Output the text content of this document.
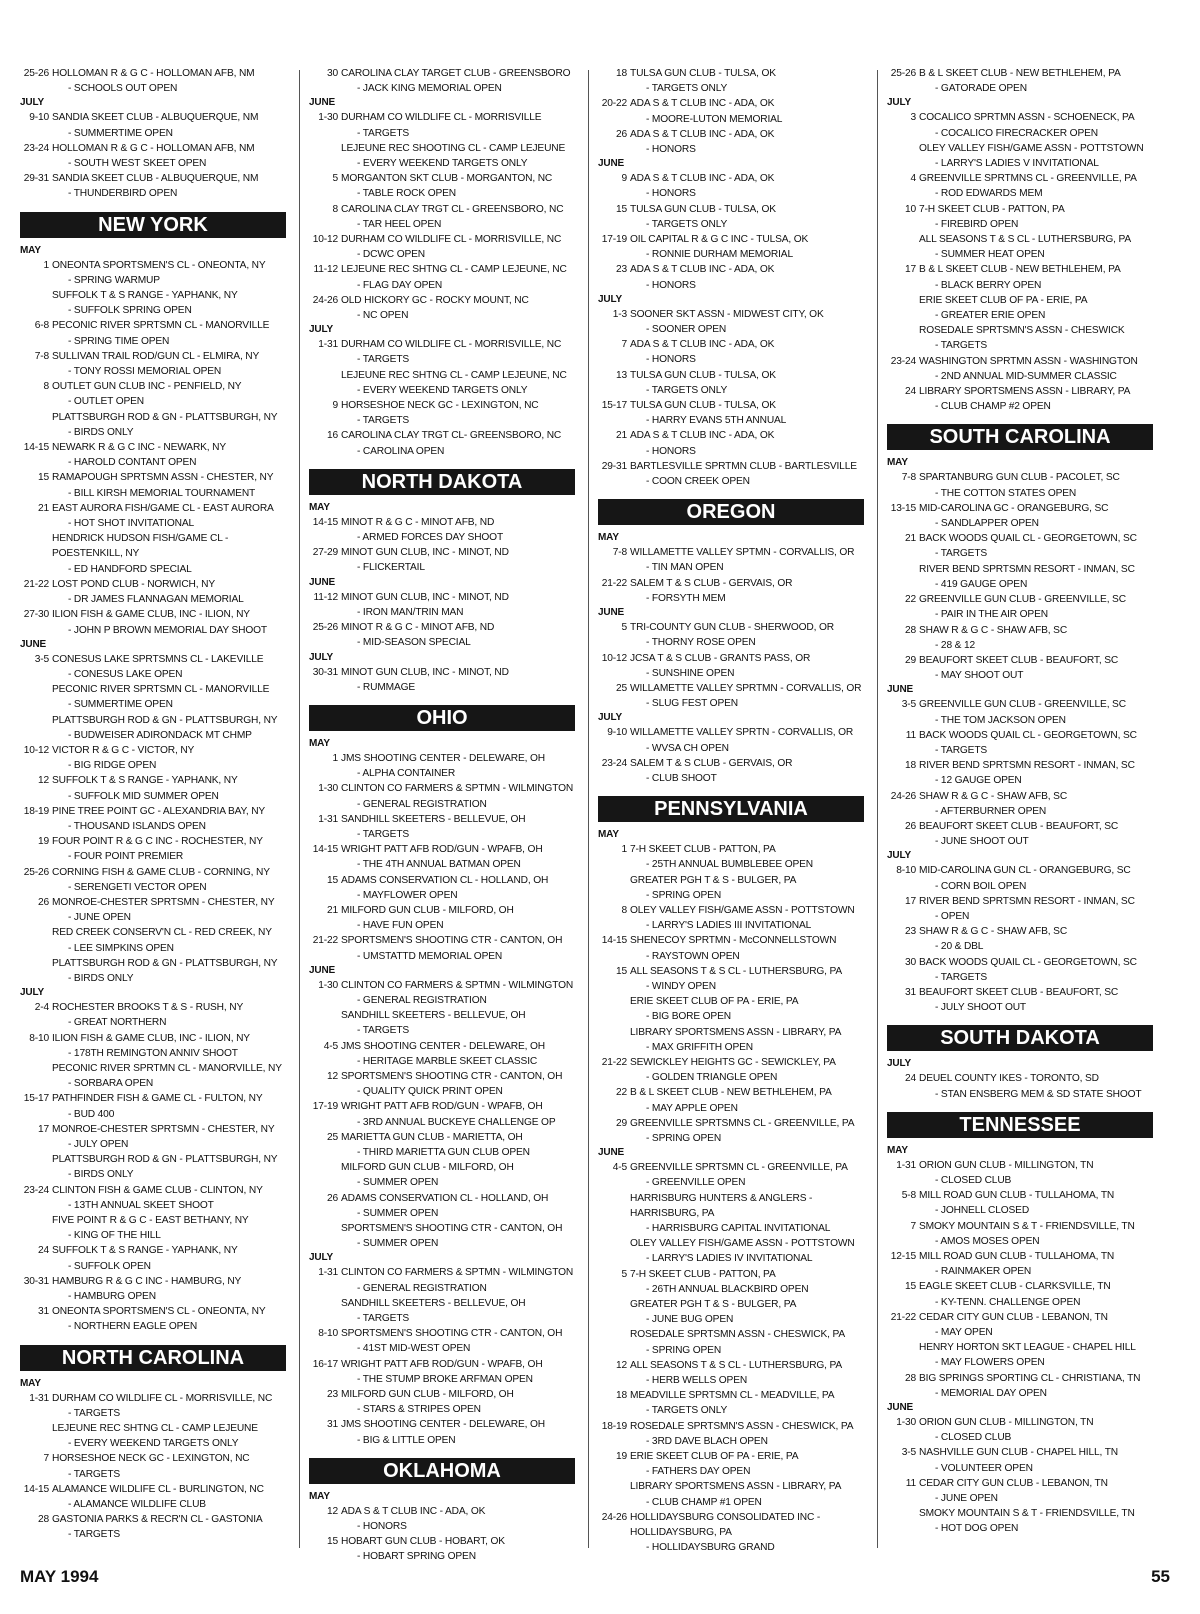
25-26 HOLLOMAN R & G C - HOLLOMAN AFB, NM
- SCHOOLS OUT OPEN
JULY
9-10 SANDIA SKEET CLUB - ALBUQUERQUE, NM
- SUMMERTIME OPEN
23-24 HOLLOMAN R & G C - HOLLOMAN AFB, NM
- SOUTH WEST SKEET OPEN
29-31 SANDIA SKEET CLUB - ALBUQUERQUE, NM
- THUNDERBIRD OPEN
NEW YORK
MAY
1 ONEONTA SPORTSMEN'S CL - ONEONTA, NY
- SPRING WARMUP
SUFFOLK T & S RANGE - YAPHANK, NY
- SUFFOLK SPRING OPEN
6-8 PECONIC RIVER SPRTSMN CL - MANORVILLE
- SPRING TIME OPEN
7-8 SULLIVAN TRAIL ROD/GUN CL - ELMIRA, NY
- TONY ROSSI MEMORIAL OPEN
8 OUTLET GUN CLUB INC - PENFIELD, NY
- OUTLET OPEN
PLATTSBURGH ROD & GN - PLATTSBURGH, NY
- BIRDS ONLY
14-15 NEWARK R & G C INC - NEWARK, NY
- HAROLD CONTANT OPEN
15 RAMAPOUGH SPRTSMN ASSN - CHESTER, NY
- BILL KIRSH MEMORIAL TOURNAMENT
21 EAST AURORA FISH/GAME CL - EAST AURORA
- HOT SHOT INVITATIONAL
HENDRICK HUDSON FISH/GAME CL -
POESTENKILL, NY
- ED HANDFORD SPECIAL
21-22 LOST POND CLUB - NORWICH, NY
- DR JAMES FLANNAGAN MEMORIAL
27-30 ILION FISH & GAME CLUB, INC - ILION, NY
- JOHN P BROWN MEMORIAL DAY SHOOT
JUNE
3-5 CONESUS LAKE SPRTSMNS CL - LAKEVILLE
- CONESUS LAKE OPEN
PECONIC RIVER SPRTSMN CL - MANORVILLE
- SUMMERTIME OPEN
PLATTSBURGH ROD & GN - PLATTSBURGH, NY
- BUDWEISER ADIRONDACK MT CHMP
10-12 VICTOR R & G C - VICTOR, NY
- BIG RIDGE OPEN
12 SUFFOLK T & S RANGE - YAPHANK, NY
- SUFFOLK MID SUMMER OPEN
18-19 PINE TREE POINT GC - ALEXANDRIA BAY, NY
- THOUSAND ISLANDS OPEN
19 FOUR POINT R & G C INC - ROCHESTER, NY
- FOUR POINT PREMIER
25-26 CORNING FISH & GAME CLUB - CORNING, NY
- SERENGETI VECTOR OPEN
26 MONROE-CHESTER SPRTSMN - CHESTER, NY
- JUNE OPEN
RED CREEK CONSERV'N CL - RED CREEK, NY
- LEE SIMPKINS OPEN
PLATTSBURGH ROD & GN - PLATTSBURGH, NY
- BIRDS ONLY
JULY
2-4 ROCHESTER BROOKS T & S - RUSH, NY
- GREAT NORTHERN
8-10 ILION FISH & GAME CLUB, INC - ILION, NY
- 178TH REMINGTON ANNIV SHOOT
PECONIC RIVER SPRTMN CL - MANORVILLE, NY
- SORBARA OPEN
15-17 PATHFINDER FISH & GAME CL - FULTON, NY
- BUD 400
17 MONROE-CHESTER SPRTSMN - CHESTER, NY
- JULY OPEN
PLATTSBURGH ROD & GN - PLATTSBURGH, NY
- BIRDS ONLY
23-24 CLINTON FISH & GAME CLUB - CLINTON, NY
- 13TH ANNUAL SKEET SHOOT
FIVE POINT R & G C - EAST BETHANY, NY
- KING OF THE HILL
24 SUFFOLK T & S RANGE - YAPHANK, NY
- SUFFOLK OPEN
30-31 HAMBURG R & G C INC - HAMBURG, NY
- HAMBURG OPEN
31 ONEONTA SPORTSMEN'S CL - ONEONTA, NY
- NORTHERN EAGLE OPEN
NORTH CAROLINA
MAY
1-31 DURHAM CO WILDLIFE CL - MORRISVILLE, NC
- TARGETS
LEJEUNE REC SHTNG CL - CAMP LEJEUNE
- EVERY WEEKEND TARGETS ONLY
7 HORSESHOE NECK GC - LEXINGTON, NC
- TARGETS
14-15 ALAMANCE WILDLIFE CL - BURLINGTON, NC
- ALAMANCE WILDLIFE CLUB
28 GASTONIA PARKS & RECR'N CL - GASTONIA
- TARGETS
30 CAROLINA CLAY TARGET CLUB - GREENSBORO
- JACK KING MEMORIAL OPEN
JUNE
1-30 DURHAM CO WILDLIFE CL - MORRISVILLE
- TARGETS
LEJEUNE REC SHOOTING CL - CAMP LEJEUNE
- EVERY WEEKEND TARGETS ONLY
5 MORGANTON SKT CLUB - MORGANTON, NC
- TABLE ROCK OPEN
8 CAROLINA CLAY TRGT CL - GREENSBORO, NC
- TAR HEEL OPEN
10-12 DURHAM CO WILDLIFE CL - MORRISVILLE, NC
- DCWC OPEN
11-12 LEJEUNE REC SHTNG CL - CAMP LEJEUNE, NC
- FLAG DAY OPEN
24-26 OLD HICKORY GC - ROCKY MOUNT, NC
- NC OPEN
JULY
1-31 DURHAM CO WILDLIFE CL - MORRISVILLE, NC
- TARGETS
LEJEUNE REC SHTNG CL - CAMP LEJEUNE, NC
- EVERY WEEKEND TARGETS ONLY
9 HORSESHOE NECK GC - LEXINGTON, NC
- TARGETS
16 CAROLINA CLAY TRGT CL- GREENSBORO, NC
- CAROLINA OPEN
NORTH DAKOTA
MAY
14-15 MINOT R & G C - MINOT AFB, ND
- ARMED FORCES DAY SHOOT
27-29 MINOT GUN CLUB, INC - MINOT, ND
- FLICKERTAIL
JUNE
11-12 MINOT GUN CLUB, INC - MINOT, ND
- IRON MAN/TRIN MAN
25-26 MINOT R & G C - MINOT AFB, ND
- MID-SEASON SPECIAL
JULY
30-31 MINOT GUN CLUB, INC - MINOT, ND
- RUMMAGE
OHIO
MAY
1 JMS SHOOTING CENTER - DELEWARE, OH
- ALPHA CONTAINER
1-30 CLINTON CO FARMERS & SPTMN - WILMINGTON
- GENERAL REGISTRATION
1-31 SANDHILL SKEETERS - BELLEVUE, OH
- TARGETS
14-15 WRIGHT PATT AFB ROD/GUN - WPAFB, OH
- THE 4TH ANNUAL BATMAN OPEN
15 ADAMS CONSERVATION CL - HOLLAND, OH
- MAYFLOWER OPEN
21 MILFORD GUN CLUB - MILFORD, OH
- HAVE FUN OPEN
21-22 SPORTSMEN'S SHOOTING CTR - CANTON, OH
- UMSTATTD MEMORIAL OPEN
JUNE
1-30 CLINTON CO FARMERS & SPTMN - WILMINGTON
- GENERAL REGISTRATION
SANDHILL SKEETERS - BELLEVUE, OH
- TARGETS
4-5 JMS SHOOTING CENTER - DELEWARE, OH
- HERITAGE MARBLE SKEET CLASSIC
12 SPORTSMEN'S SHOOTING CTR - CANTON, OH
- QUALITY QUICK PRINT OPEN
17-19 WRIGHT PATT AFB ROD/GUN - WPAFB, OH
- 3RD ANNUAL BUCKEYE CHALLENGE OP
25 MARIETTA GUN CLUB - MARIETTA, OH
- THIRD MARIETTA GUN CLUB OPEN
MILFORD GUN CLUB - MILFORD, OH
- SUMMER OPEN
26 ADAMS CONSERVATION CL - HOLLAND, OH
- SUMMER OPEN
SPORTSMEN'S SHOOTING CTR - CANTON, OH
- SUMMER OPEN
JULY
1-31 CLINTON CO FARMERS & SPTMN - WILMINGTON
- GENERAL REGISTRATION
SANDHILL SKEETERS - BELLEVUE, OH
- TARGETS
8-10 SPORTSMEN'S SHOOTING CTR - CANTON, OH
- 41ST MID-WEST OPEN
16-17 WRIGHT PATT AFB ROD/GUN - WPAFB, OH
- THE STUMP BROKE ARFMAN OPEN
23 MILFORD GUN CLUB - MILFORD, OH
- STARS & STRIPES OPEN
31 JMS SHOOTING CENTER - DELEWARE, OH
- BIG & LITTLE OPEN
OKLAHOMA
MAY
12 ADA S & T CLUB INC - ADA, OK
- HONORS
15 HOBART GUN CLUB - HOBART, OK
- HOBART SPRING OPEN
18 TULSA GUN CLUB - TULSA, OK
- TARGETS ONLY
20-22 ADA S & T CLUB INC - ADA, OK
- MOORE-LUTON MEMORIAL
26 ADA S & T CLUB INC - ADA, OK
- HONORS
JUNE
9 ADA S & T CLUB INC - ADA, OK
- HONORS
15 TULSA GUN CLUB - TULSA, OK
- TARGETS ONLY
17-19 OIL CAPITAL R & G C INC - TULSA, OK
- RONNIE DURHAM MEMORIAL
23 ADA S & T CLUB INC - ADA, OK
- HONORS
JULY
1-3 SOONER SKT ASSN - MIDWEST CITY, OK
- SOONER OPEN
7 ADA S & T CLUB INC - ADA, OK
- HONORS
13 TULSA GUN CLUB - TULSA, OK
- TARGETS ONLY
15-17 TULSA GUN CLUB - TULSA, OK
- HARRY EVANS 5TH ANNUAL
21 ADA S & T CLUB INC - ADA, OK
- HONORS
29-31 BARTLESVILLE SPRTMN CLUB - BARTLESVILLE
- COON CREEK OPEN
OREGON
MAY
7-8 WILLAMETTE VALLEY SPTMN - CORVALLIS, OR
- TIN MAN OPEN
21-22 SALEM T & S CLUB - GERVAIS, OR
- FORSYTH MEM
JUNE
5 TRI-COUNTY GUN CLUB - SHERWOOD, OR
- THORNY ROSE OPEN
10-12 JCSA T & S CLUB - GRANTS PASS, OR
- SUNSHINE OPEN
25 WILLAMETTE VALLEY SPRTMN - CORVALLIS, OR
- SLUG FEST OPEN
JULY
9-10 WILLAMETTE VALLEY SPRTN - CORVALLIS, OR
- WVSA CH OPEN
23-24 SALEM T & S CLUB - GERVAIS, OR
- CLUB SHOOT
PENNSYLVANIA
MAY
1 7-H SKEET CLUB - PATTON, PA
- 25TH ANNUAL BUMBLEBEE OPEN
GREATER PGH T & S - BULGER, PA
- SPRING OPEN
8 OLEY VALLEY FISH/GAME ASSN - POTTSTOWN
- LARRY'S LADIES III INVITATIONAL
14-15 SHENECOY SPRTMN - McCONNELLSTOWN
- RAYSTOWN OPEN
15 ALL SEASONS T & S CL - LUTHERSBURG, PA
- WINDY OPEN
ERIE SKEET CLUB OF PA - ERIE, PA
- BIG BORE OPEN
LIBRARY SPORTSMENS ASSN - LIBRARY, PA
- MAX GRIFFITH OPEN
21-22 SEWICKLEY HEIGHTS GC - SEWICKLEY, PA
- GOLDEN TRIANGLE OPEN
22 B & L SKEET CLUB - NEW BETHLEHEM, PA
- MAY APPLE OPEN
29 GREENVILLE SPRTSMNS CL - GREENVILLE, PA
- SPRING OPEN
JUNE
4-5 GREENVILLE SPRTSMN CL - GREENVILLE, PA
- GREENVILLE OPEN
HARRISBURG HUNTERS & ANGLERS -
HARRISBURG, PA
- HARRISBURG CAPITAL INVITATIONAL
OLEY VALLEY FISH/GAME ASSN - POTTSTOWN
- LARRY'S LADIES IV INVITATIONAL
5 7-H SKEET CLUB - PATTON, PA
- 26TH ANNUAL BLACKBIRD OPEN
GREATER PGH T & S - BULGER, PA
- JUNE BUG OPEN
ROSEDALE SPRTSMN ASSN - CHESWICK, PA
- SPRING OPEN
12 ALL SEASONS T & S CL - LUTHERSBURG, PA
- HERB WELLS OPEN
18 MEADVILLE SPRTSMN CL - MEADVILLE, PA
- TARGETS ONLY
18-19 ROSEDALE SPRTSMN'S ASSN - CHESWICK, PA
- 3RD DAVE BLACH OPEN
19 ERIE SKEET CLUB OF PA - ERIE, PA
- FATHERS DAY OPEN
LIBRARY SPORTSMENS ASSN - LIBRARY, PA
- CLUB CHAMP #1 OPEN
24-26 HOLLIDAYSBURG CONSOLIDATED INC -
HOLLIDAYSBURG, PA
- HOLLIDAYSBURG GRAND
25-26 B & L SKEET CLUB - NEW BETHLEHEM, PA
- GATORADE OPEN
JULY
3 COCALICO SPRTMN ASSN - SCHOENECK, PA
- COCALICO FIRECRACKER OPEN
OLEY VALLEY FISH/GAME ASSN - POTTSTOWN
- LARRY'S LADIES V INVITATIONAL
4 GREENVILLE SPRTMNS CL - GREENVILLE, PA
- ROD EDWARDS MEM
10 7-H SKEET CLUB - PATTON, PA
- FIREBIRD OPEN
ALL SEASONS T & S CL - LUTHERSBURG, PA
- SUMMER HEAT OPEN
17 B & L SKEET CLUB - NEW BETHLEHEM, PA
- BLACK BERRY OPEN
ERIE SKEET CLUB OF PA - ERIE, PA
- GREATER ERIE OPEN
ROSEDALE SPRTSMN'S ASSN - CHESWICK
- TARGETS
23-24 WASHINGTON SPRTMN ASSN - WASHINGTON
- 2ND ANNUAL MID-SUMMER CLASSIC
24 LIBRARY SPORTSMENS ASSN - LIBRARY, PA
- CLUB CHAMP #2 OPEN
SOUTH CAROLINA
MAY
7-8 SPARTANBURG GUN CLUB - PACOLET, SC
- THE COTTON STATES OPEN
13-15 MID-CAROLINA GC - ORANGEBURG, SC
- SANDLAPPER OPEN
21 BACK WOODS QUAIL CL - GEORGETOWN, SC
- TARGETS
RIVER BEND SPRTSMN RESORT - INMAN, SC
- 419 GAUGE OPEN
22 GREENVILLE GUN CLUB - GREENVILLE, SC
- PAIR IN THE AIR OPEN
28 SHAW R & G C - SHAW AFB, SC
- 28 & 12
29 BEAUFORT SKEET CLUB - BEAUFORT, SC
- MAY SHOOT OUT
JUNE
3-5 GREENVILLE GUN CLUB - GREENVILLE, SC
- THE TOM JACKSON OPEN
11 BACK WOODS QUAIL CL - GEORGETOWN, SC
- TARGETS
18 RIVER BEND SPRTSMN RESORT - INMAN, SC
- 12 GAUGE OPEN
24-26 SHAW R & G C - SHAW AFB, SC
- AFTERBURNER OPEN
26 BEAUFORT SKEET CLUB - BEAUFORT, SC
- JUNE SHOOT OUT
JULY
8-10 MID-CAROLINA GUN CL - ORANGEBURG, SC
- CORN BOIL OPEN
17 RIVER BEND SPRTSMN RESORT - INMAN, SC
- OPEN
23 SHAW R & G C - SHAW AFB, SC
- 20 & DBL
30 BACK WOODS QUAIL CL - GEORGETOWN, SC
- TARGETS
31 BEAUFORT SKEET CLUB - BEAUFORT, SC
- JULY SHOOT OUT
SOUTH DAKOTA
JULY
24 DEUEL COUNTY IKES - TORONTO, SD
- STAN ENSBERG MEM & SD STATE SHOOT
TENNESSEE
MAY
1-31 ORION GUN CLUB - MILLINGTON, TN
- CLOSED CLUB
5-8 MILL ROAD GUN CLUB - TULLAHOMA, TN
- JOHNELL CLOSED
7 SMOKY MOUNTAIN S & T - FRIENDSVILLE, TN
- AMOS MOSES OPEN
12-15 MILL ROAD GUN CLUB - TULLAHOMA, TN
- RAINMAKER OPEN
15 EAGLE SKEET CLUB - CLARKSVILLE, TN
- KY-TENN. CHALLENGE OPEN
21-22 CEDAR CITY GUN CLUB - LEBANON, TN
- MAY OPEN
HENRY HORTON SKT LEAGUE - CHAPEL HILL
- MAY FLOWERS OPEN
28 BIG SPRINGS SPORTING CL - CHRISTIANA, TN
- MEMORIAL DAY OPEN
JUNE
1-30 ORION GUN CLUB - MILLINGTON, TN
- CLOSED CLUB
3-5 NASHVILLE GUN CLUB - CHAPEL HILL, TN
- VOLUNTEER OPEN
11 CEDAR CITY GUN CLUB - LEBANON, TN
- JUNE OPEN
SMOKY MOUNTAIN S & T - FRIENDSVILLE, TN
- HOT DOG OPEN
MAY 1994	55
